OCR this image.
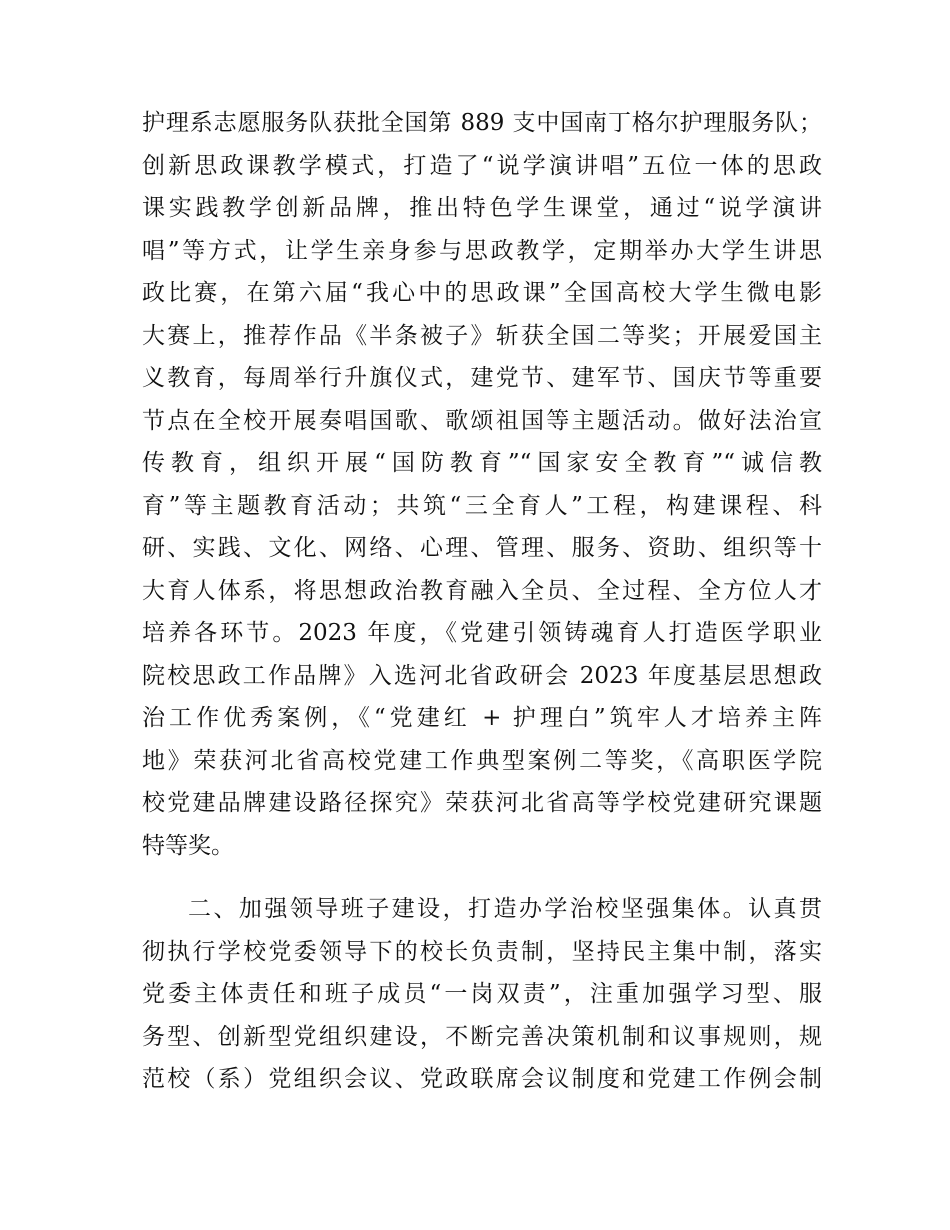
护理系志愿服务队获批全国第 889 支中国南丁格尔护理服务队；
创新思政课教学模式，打造了“说学演讲唱”五位一体的思政
课实践教学创新品牌，推出特色学生课堂，通过“说学演讲
唱”等方式，让学生亲身参与思政教学，定期举办大学生讲思
政比赛，在第六届“我心中的思政课”全国高校大学生微电影
大赛上，推荐作品《半条被子》斩获全国二等奖；开展爱国主
义教育，每周举行升旗仪式，建党节、建军节、国庆节等重要
节点在全校开展奏唱国歌、歌颂祖国等主题活动。做好法治宣
传教育，组织开展“国防教育”“国家安全教育”“诚信教
育”等主题教育活动；共筑“三全育人”工程，构建课程、科
研、实践、文化、网络、心理、管理、服务、资助、组织等十
大育人体系，将思想政治教育融入全员、全过程、全方位人才
培养各环节。2023 年度，《党建引领铸魂育人打造医学职业
院校思政工作品牌》入选河北省政研会 2023 年度基层思想政
治工作优秀案例，《“党建红 + 护理白”筑牢人才培养主阵
地》荣获河北省高校党建工作典型案例二等奖，《高职医学院
校党建品牌建设路径探究》荣获河北省高等学校党建研究课题
特等奖。
二、加强领导班子建设，打造办学治校坚强集体。认真贯
彻执行学校党委领导下的校长负责制，坚持民主集中制，落实
党委主体责任和班子成员“一岗双责”，注重加强学习型、服
务型、创新型党组织建设，不断完善决策机制和议事规则，规
范校（系）党组织会议、党政联席会议制度和党建工作例会制
